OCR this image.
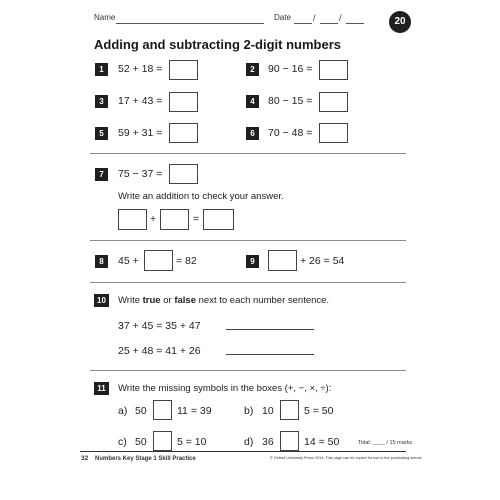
Name	Date /	/	20
Adding and subtracting 2-digit numbers
1	52 + 18 =	2	90 − 16 =
3	17 + 43 =	4	80 − 15 =
5	59 + 31 =	6	70 − 48 =
7	75 − 37 =
Write an addition to check your answer.
+	=
8	45 +	= 82	9	+ 26 = 54
10	Write true or false next to each number sentence.
37 + 45 = 35 + 47
25 + 48 = 41 + 26
11	Write the missing symbols in the boxes (+, −, ×, ÷):
a) 50	11 = 39	b) 10	5 = 50
c) 50	5 = 10	d) 36	14 = 50	Total: ____ / 15 marks
32 Numbers Key Stage 1 Skill Practice	© Oxford University Press 2014. This page can be copied for use in the purchasing school.
